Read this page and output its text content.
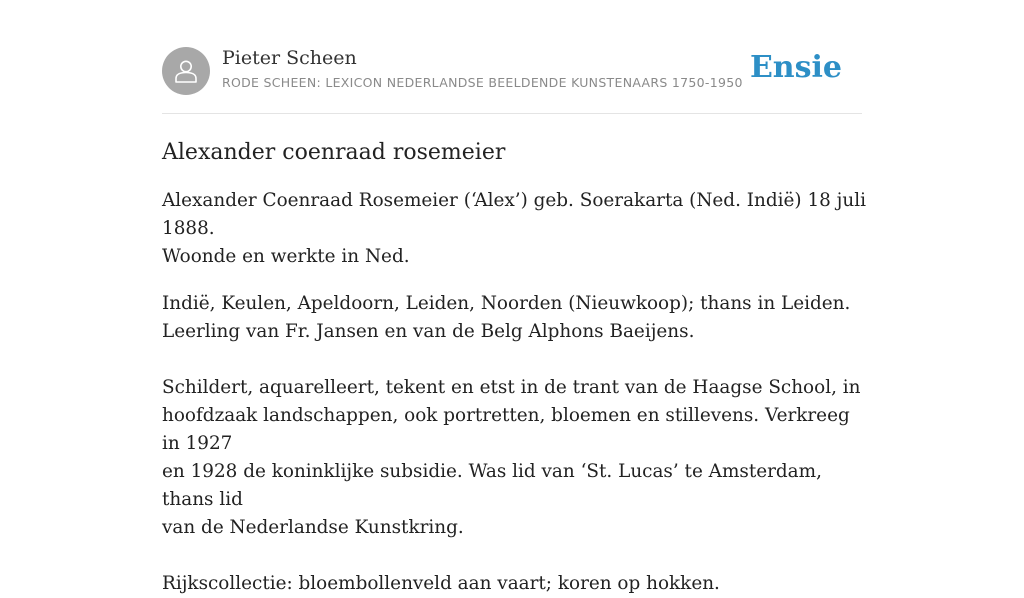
Pieter Scheen
RODE SCHEEN: LEXICON NEDERLANDSE BEELDENDE KUNSTENAARS 1750-1950 Ensie
Alexander coenraad rosemeier

Alexander Coenraad Rosemeier (‘Alex’) geb. Soerakarta (Ned. Indië) 18 juli 1888.
Woonde en werkte in Ned.

Indië, Keulen, Apeldoorn, Leiden, Noorden (Nieuwkoop); thans in Leiden.
Leerling van Fr. Jansen en van de Belg Alphons Baeijens.

Schildert, aquarelleert, tekent en etst in de trant van de Haagse School, in
hoofdzaak landschappen, ook portretten, bloemen en stillevens. Verkreeg in 1927
en 1928 de koninklijke subsidie. Was lid van ‘St. Lucas’ te Amsterdam, thans lid
van de Nederlandse Kunstkring.

Rijkscollectie: bloembollenveld aan vaart; koren op hokken.
